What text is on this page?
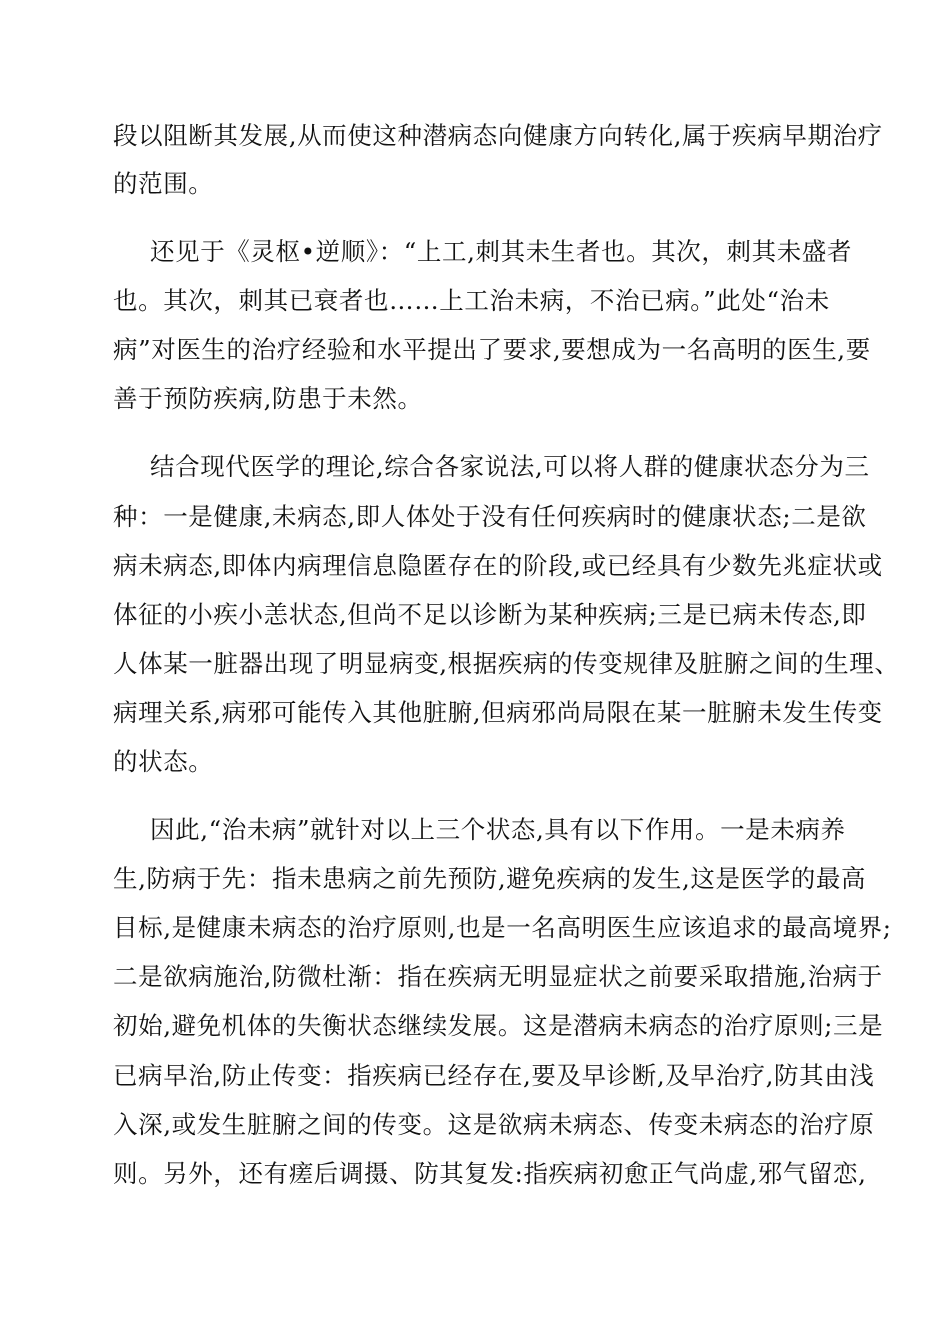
段以阻断其发展,从而使这种潜病态向健康方向转化,属于疾病早期治疗
的范围。
还见于《灵枢•逆顺》：“上工,刺其未生者也。其次，刺其未盛者
也。其次，刺其已衰者也……上工治未病，不治已病。”此处“治未
病”对医生的治疗经验和水平提出了要求,要想成为一名高明的医生,要
善于预防疾病,防患于未然。
结合现代医学的理论,综合各家说法,可以将人群的健康状态分为三
种：一是健康,未病态,即人体处于没有任何疾病时的健康状态;二是欲
病未病态,即体内病理信息隐匿存在的阶段,或已经具有少数先兆症状或
体征的小疾小恙状态,但尚不足以诊断为某种疾病;三是已病未传态,即
人体某一脏器出现了明显病变,根据疾病的传变规律及脏腑之间的生理、
病理关系,病邪可能传入其他脏腑,但病邪尚局限在某一脏腑未发生传变
的状态。
因此,“治未病”就针对以上三个状态,具有以下作用。一是未病养
生,防病于先：指未患病之前先预防,避免疾病的发生,这是医学的最高
目标,是健康未病态的治疗原则,也是一名高明医生应该追求的最高境界;
二是欲病施治,防微杜渐：指在疾病无明显症状之前要采取措施,治病于
初始,避免机体的失衡状态继续发展。这是潜病未病态的治疗原则;三是
已病早治,防止传变：指疾病已经存在,要及早诊断,及早治疗,防其由浅
入深,或发生脏腑之间的传变。这是欲病未病态、传变未病态的治疗原
则。另外，还有瘥后调摄、防其复发:指疾病初愈正气尚虚,邪气留恋,
